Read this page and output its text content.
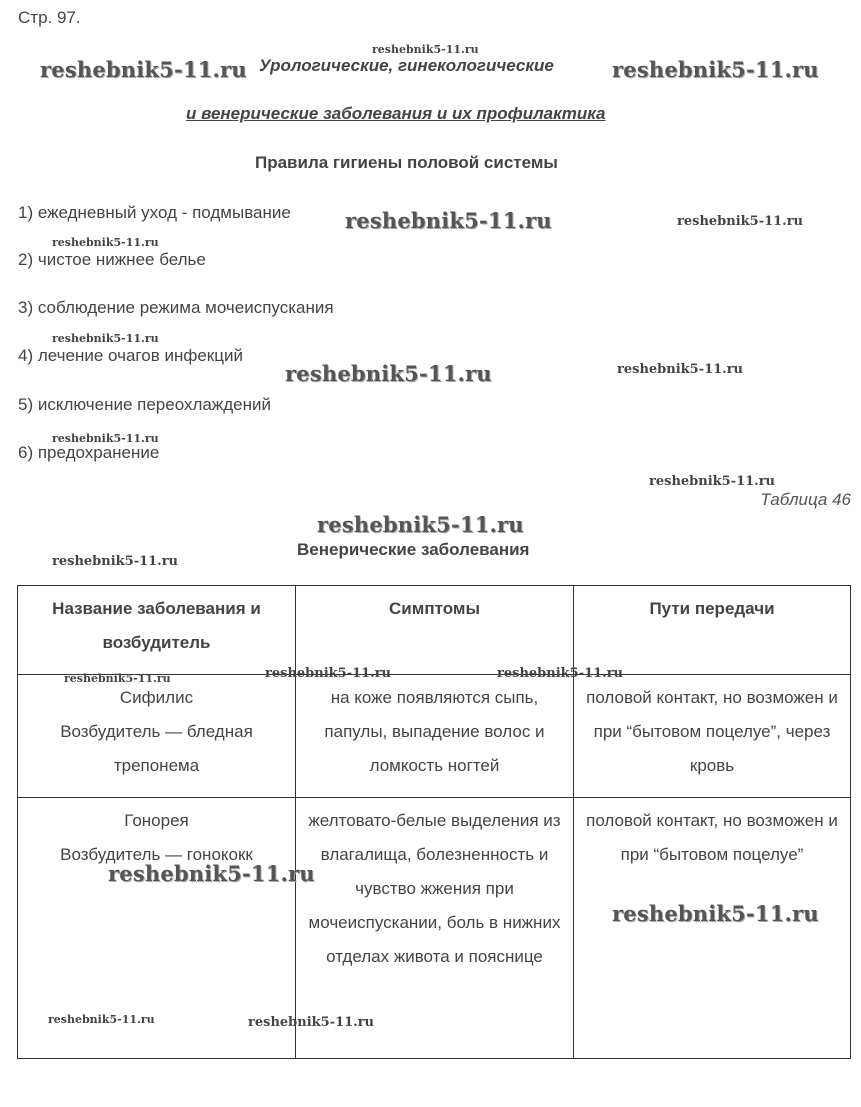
Стр. 97.
Урологические, гинекологические
и венерические заболевания и их профилактика
Правила гигиены половой системы
1) ежедневный уход - подмывание
2) чистое нижнее белье
3) соблюдение режима мочеиспускания
4) лечение очагов инфекций
5) исключение переохлаждений
6) предохранение
Таблица 46
Венерические заболевания
Название заболевания и возбудитель	Симптомы	Пути передачи

Сифилис
Возбудитель — бледная трепонема	на коже появляются сыпь, папулы, выпадение волос и ломкость ногтей	половой контакт, но возможен и при “бытовом поцелуе”, через кровь

Гонорея
Возбудитель — гонококк	желтовато-белые выделения из влагалища, болезненность и чувство жжения при мочеиспускании, боль в нижних отделах живота и пояснице	половой контакт, но возможен и при “бытовом поцелуе”
reshebnik5-11.ru
reshebnik5-11.ru	reshebnik5-11.ru
reshebnik5-11.ru	reshebnik5-11.ru
reshebnik5-11.ru
reshebnik5-11.ru
reshebnik5-11.ru	reshebnik5-11.ru
reshebnik5-11.ru
reshebnik5-11.ru
reshebnik5-11.ru
reshebnik5-11.ru
reshebnik5-11.ru	reshebnik5-11.ru	reshebnik5-11.ru
reshebnik5-11.ru
reshebnik5-11.ru
reshebnik5-11.ru	reshebnik5-11.ru
